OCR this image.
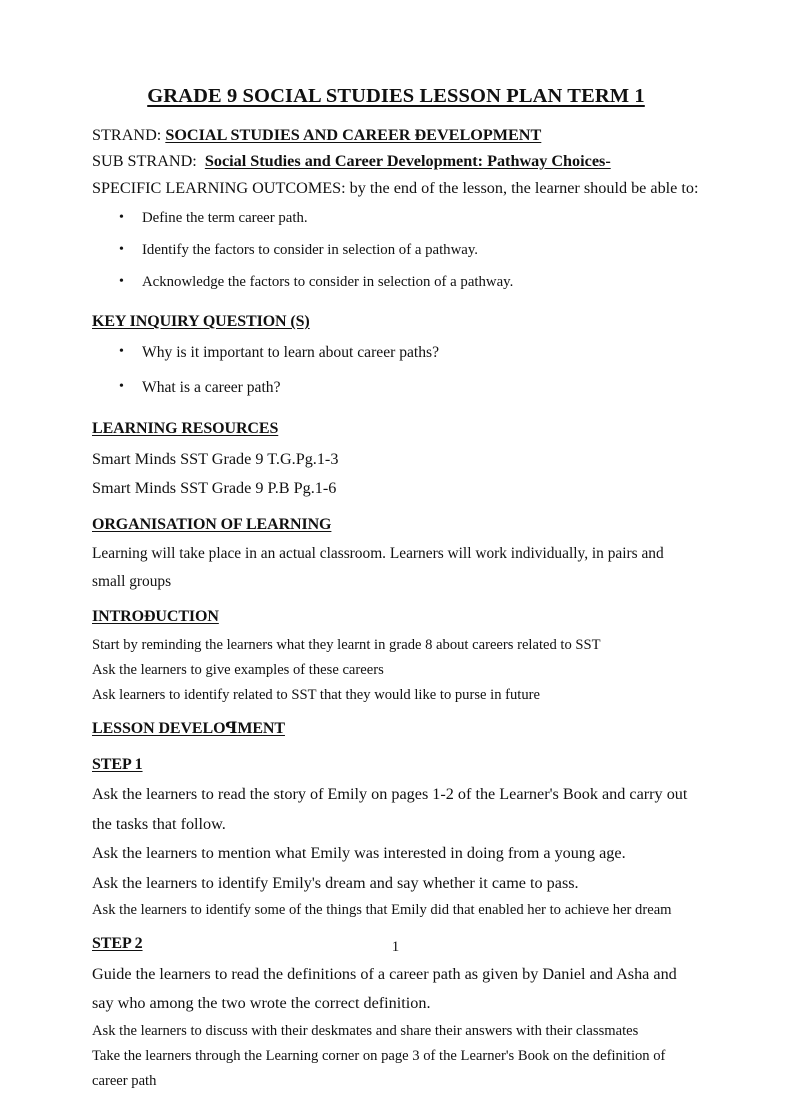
GRADE 9 SOCIAL STUDIES LESSON PLAN TERM 1
STRAND: SOCIAL STUDIES AND CAREER ƉEVELOPMENT
SUB STRAND: Social Studies and Career Development: Pathway Choices-
SPECIFIC LEARNING OUTCOMES: by the end of the lesson, the learner should be able to:
• Define the term career path.
• Identify the factors to consider in selection of a pathway.
• Acknowledge the factors to consider in selection of a pathway.
KEY INQUIRY QUESTION (S)
• Why is it important to learn about career paths?
• What is a career path?
LEARNING RESOURCES
Smart Minds SST Grade 9 T.G.Pg.1-3
Smart Minds SST Grade 9 P.B Pg.1-6
ORGANISATION OF LEARNING
Learning will take place in an actual classroom. Learners will work individually, in pairs and small groups
INTROƉUCTION
Start by reminding the learners what they learnt in grade 8 about careers related to SST
Ask the learners to give examples of these careers
Ask learners to identify related to SST that they would like to purse in future
LESSON DEVELOꟼMENT
STEP 1
Ask the learners to read the story of Emily on pages 1-2 of the Learner's Book and carry out the tasks that follow.
Ask the learners to mention what Emily was interested in doing from a young age.
Ask the learners to identify Emily's dream and say whether it came to pass.
Ask the learners to identify some of the things that Emily did that enabled her to achieve her dream
STEP 2
Guide the learners to read the definitions of a career path as given by Daniel and Asha and say who among the two wrote the correct definition.
Ask the learners to discuss with their deskmates and share their answers with their classmates
Take the learners through the Learning corner on page 3 of the Learner's Book on the definition of career path
1
